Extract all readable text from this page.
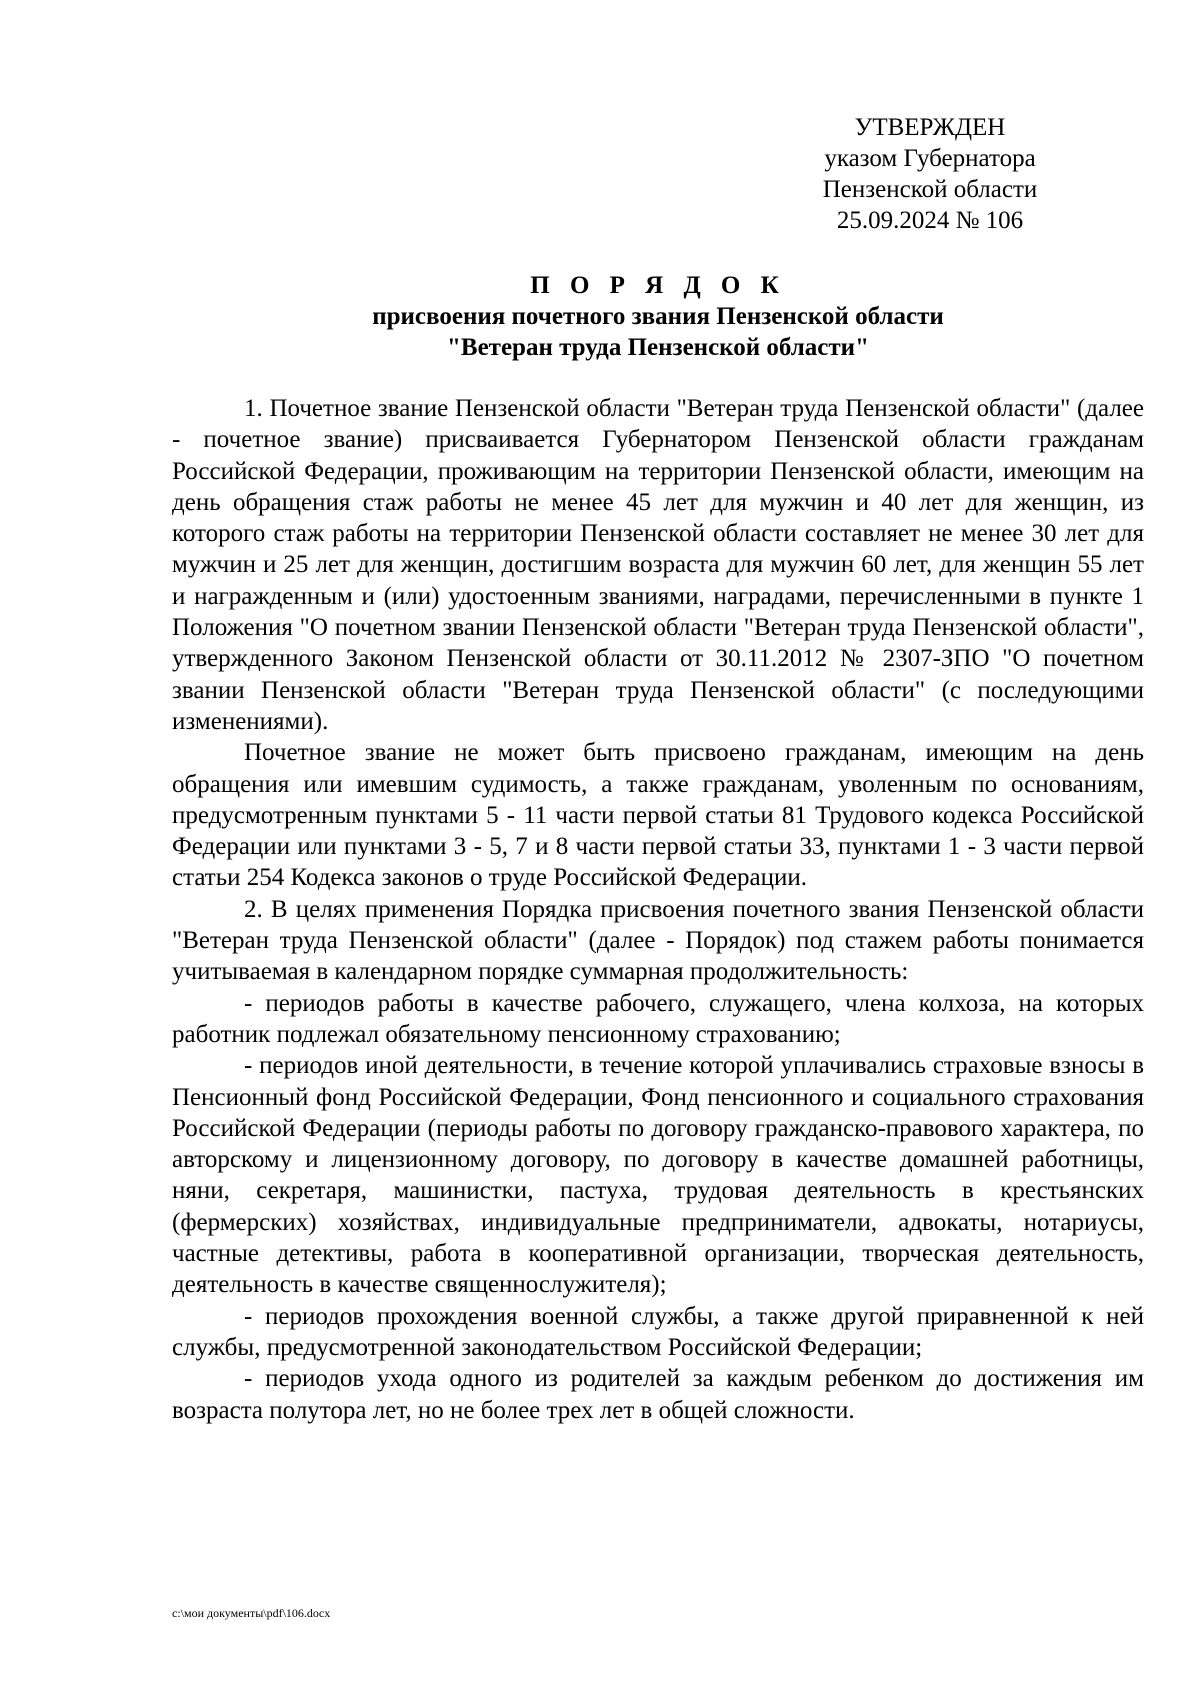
УТВЕРЖДЕН
указом Губернатора
Пензенской области
25.09.2024 № 106
П О Р Я Д О К
присвоения почетного звания Пензенской области
"Ветеран труда Пензенской области"

1. Почетное звание Пензенской области "Ветеран труда Пензенской области" (далее - почетное звание) присваивается Губернатором Пензенской области гражданам Российской Федерации, проживающим на территории Пензенской области, имеющим на день обращения стаж работы не менее 45 лет для мужчин и 40 лет для женщин, из которого стаж работы на территории Пензенской области составляет не менее 30 лет для мужчин и 25 лет для женщин, достигшим возраста для мужчин 60 лет, для женщин 55 лет и награжденным и (или) удостоенным званиями, наградами, перечисленными в пункте 1 Положения "О почетном звании Пензенской области "Ветеран труда Пензенской области", утвержденного Законом Пензенской области от 30.11.2012 № 2307-ЗПО "О почетном звании Пензенской области "Ветеран труда Пензенской области" (с последующими изменениями).

Почетное звание не может быть присвоено гражданам, имеющим на день обращения или имевшим судимость, а также гражданам, уволенным по основаниям, предусмотренным пунктами 5 - 11 части первой статьи 81 Трудового кодекса Российской Федерации или пунктами 3 - 5, 7 и 8 части первой статьи 33, пунктами 1 - 3 части первой статьи 254 Кодекса законов о труде Российской Федерации.

2. В целях применения Порядка присвоения почетного звания Пензенской области "Ветеран труда Пензенской области" (далее - Порядок) под стажем работы понимается учитываемая в календарном порядке суммарная продолжительность:

- периодов работы в качестве рабочего, служащего, члена колхоза, на которых работник подлежал обязательному пенсионному страхованию;

- периодов иной деятельности, в течение которой уплачивались страховые взносы в Пенсионный фонд Российской Федерации, Фонд пенсионного и социального страхования Российской Федерации (периоды работы по договору гражданско-правового характера, по авторскому и лицензионному договору, по договору в качестве домашней работницы, няни, секретаря, машинистки, пастуха, трудовая деятельность в крестьянских (фермерских) хозяйствах, индивидуальные предприниматели, адвокаты, нотариусы, частные детективы, работа в кооперативной организации, творческая деятельность, деятельность в качестве священнослужителя);

- периодов прохождения военной службы, а также другой приравненной к ней службы, предусмотренной законодательством Российской Федерации;

- периодов ухода одного из родителей за каждым ребенком до достижения им возраста полутора лет, но не более трех лет в общей сложности.

c:\мои документы\pdf\106.docx
